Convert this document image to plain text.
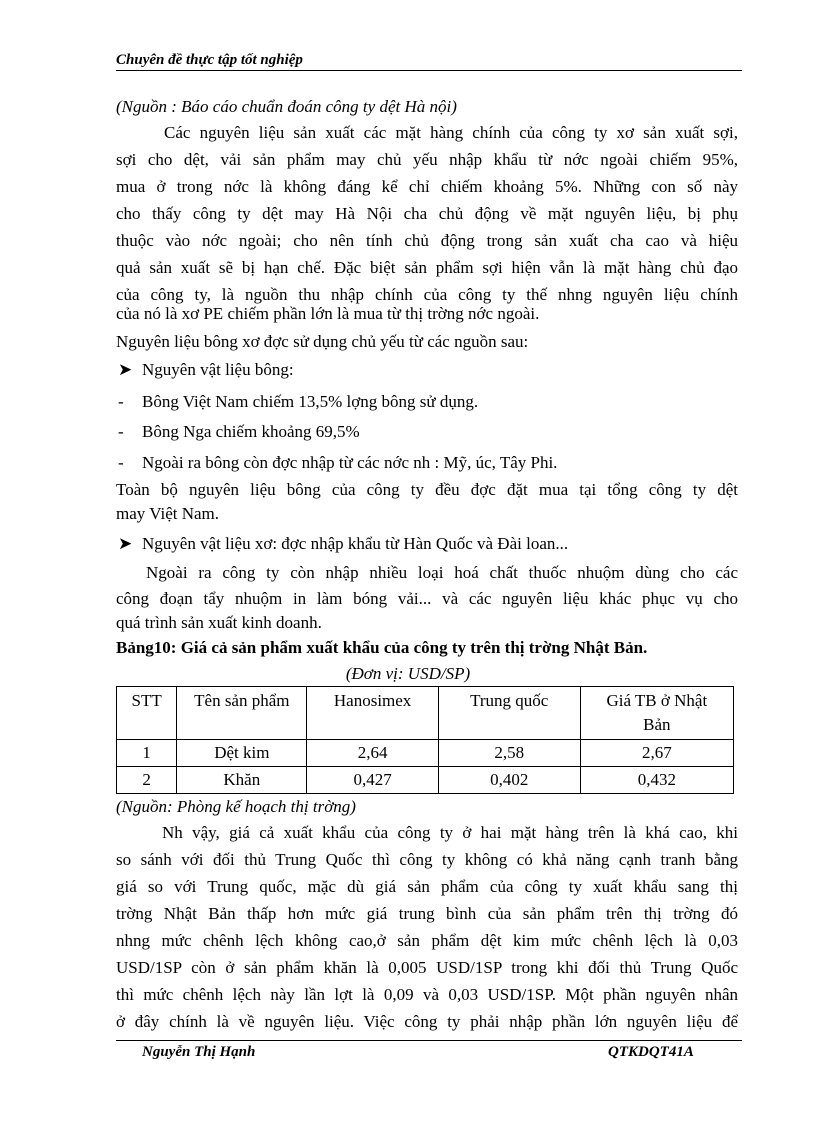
Chuyên đề thực tập tốt nghiệp
(Nguồn : Báo cáo chuẩn đoán công ty dệt Hà nội)
Các nguyên liệu sản xuất các mặt hàng chính của công ty xơ sản xuất sợi,
sợi cho dệt, vải sản phẩm may chủ yếu nhập khẩu từ nớc ngoài chiếm 95%,
mua ở trong nớc là không đáng kể chỉ chiếm khoảng 5%. Những con số này
cho thấy công ty dệt may Hà Nội cha chủ động về mặt nguyên liệu, bị phụ
thuộc vào nớc ngoài; cho nên tính chủ động trong sản xuất cha cao và hiệu
quả sản xuất sẽ bị hạn chế. Đặc biệt sản phẩm sợi hiện vẫn là mặt hàng chủ đạo
của công ty, là nguồn thu nhập chính của công ty thế nhng nguyên liệu chính
của nó là xơ PE chiếm phần lớn là mua từ thị trờng nớc ngoài.
Nguyên liệu bông xơ đợc sử dụng chủ yếu từ các nguồn sau:
➤ Nguyên vật liệu bông:
- Bông Việt Nam chiếm 13,5% lợng bông sử dụng.
- Bông Nga chiếm khoảng 69,5%
- Ngoài ra bông còn đợc nhập từ các nớc nh : Mỹ, úc, Tây Phi.
Toàn bộ nguyên liệu bông của công ty đều đợc đặt mua tại tổng công ty dệt
may Việt Nam.
➤ Nguyên vật liệu xơ: đợc nhập khẩu từ Hàn Quốc và Đài loan...
Ngoài ra công ty còn nhập nhiều loại hoá chất thuốc nhuộm dùng cho các
công đoạn tẩy nhuộm in làm bóng vải... và các nguyên liệu khác phục vụ cho
quá trình sản xuất kinh doanh.
Bảng10: Giá cả sản phẩm xuất khẩu của công ty trên thị trờng Nhật Bản.
(Đơn vị: USD/SP)
STT	Tên sản phẩm	Hanosimex	Trung quốc	Giá TB ở Nhật
Bản
1	Dệt kim	2,64	2,58	2,67
2	Khăn	0,427	0,402	0,432
(Nguồn: Phòng kế hoạch thị trờng)
Nh vậy, giá cả xuất khẩu của công ty ở hai mặt hàng trên là khá cao, khi
so sánh với đối thủ Trung Quốc thì công ty không có khả năng cạnh tranh bằng
giá so với Trung quốc, mặc dù giá sản phẩm của công ty xuất khẩu sang thị
trờng Nhật Bản thấp hơn mức giá trung bình của sản phẩm trên thị trờng đó
nhng mức chênh lệch không cao,ở sản phẩm dệt kim mức chênh lệch là 0,03
USD/1SP còn ở sản phẩm khăn là 0,005 USD/1SP trong khi đối thủ Trung Quốc
thì mức chênh lệch này lần lợt là 0,09 và 0,03 USD/1SP. Một phần nguyên nhân
ở đây chính là về nguyên liệu. Việc công ty phải nhập phần lớn nguyên liệu để
Nguyễn Thị Hạnh	QTKDQT41A
